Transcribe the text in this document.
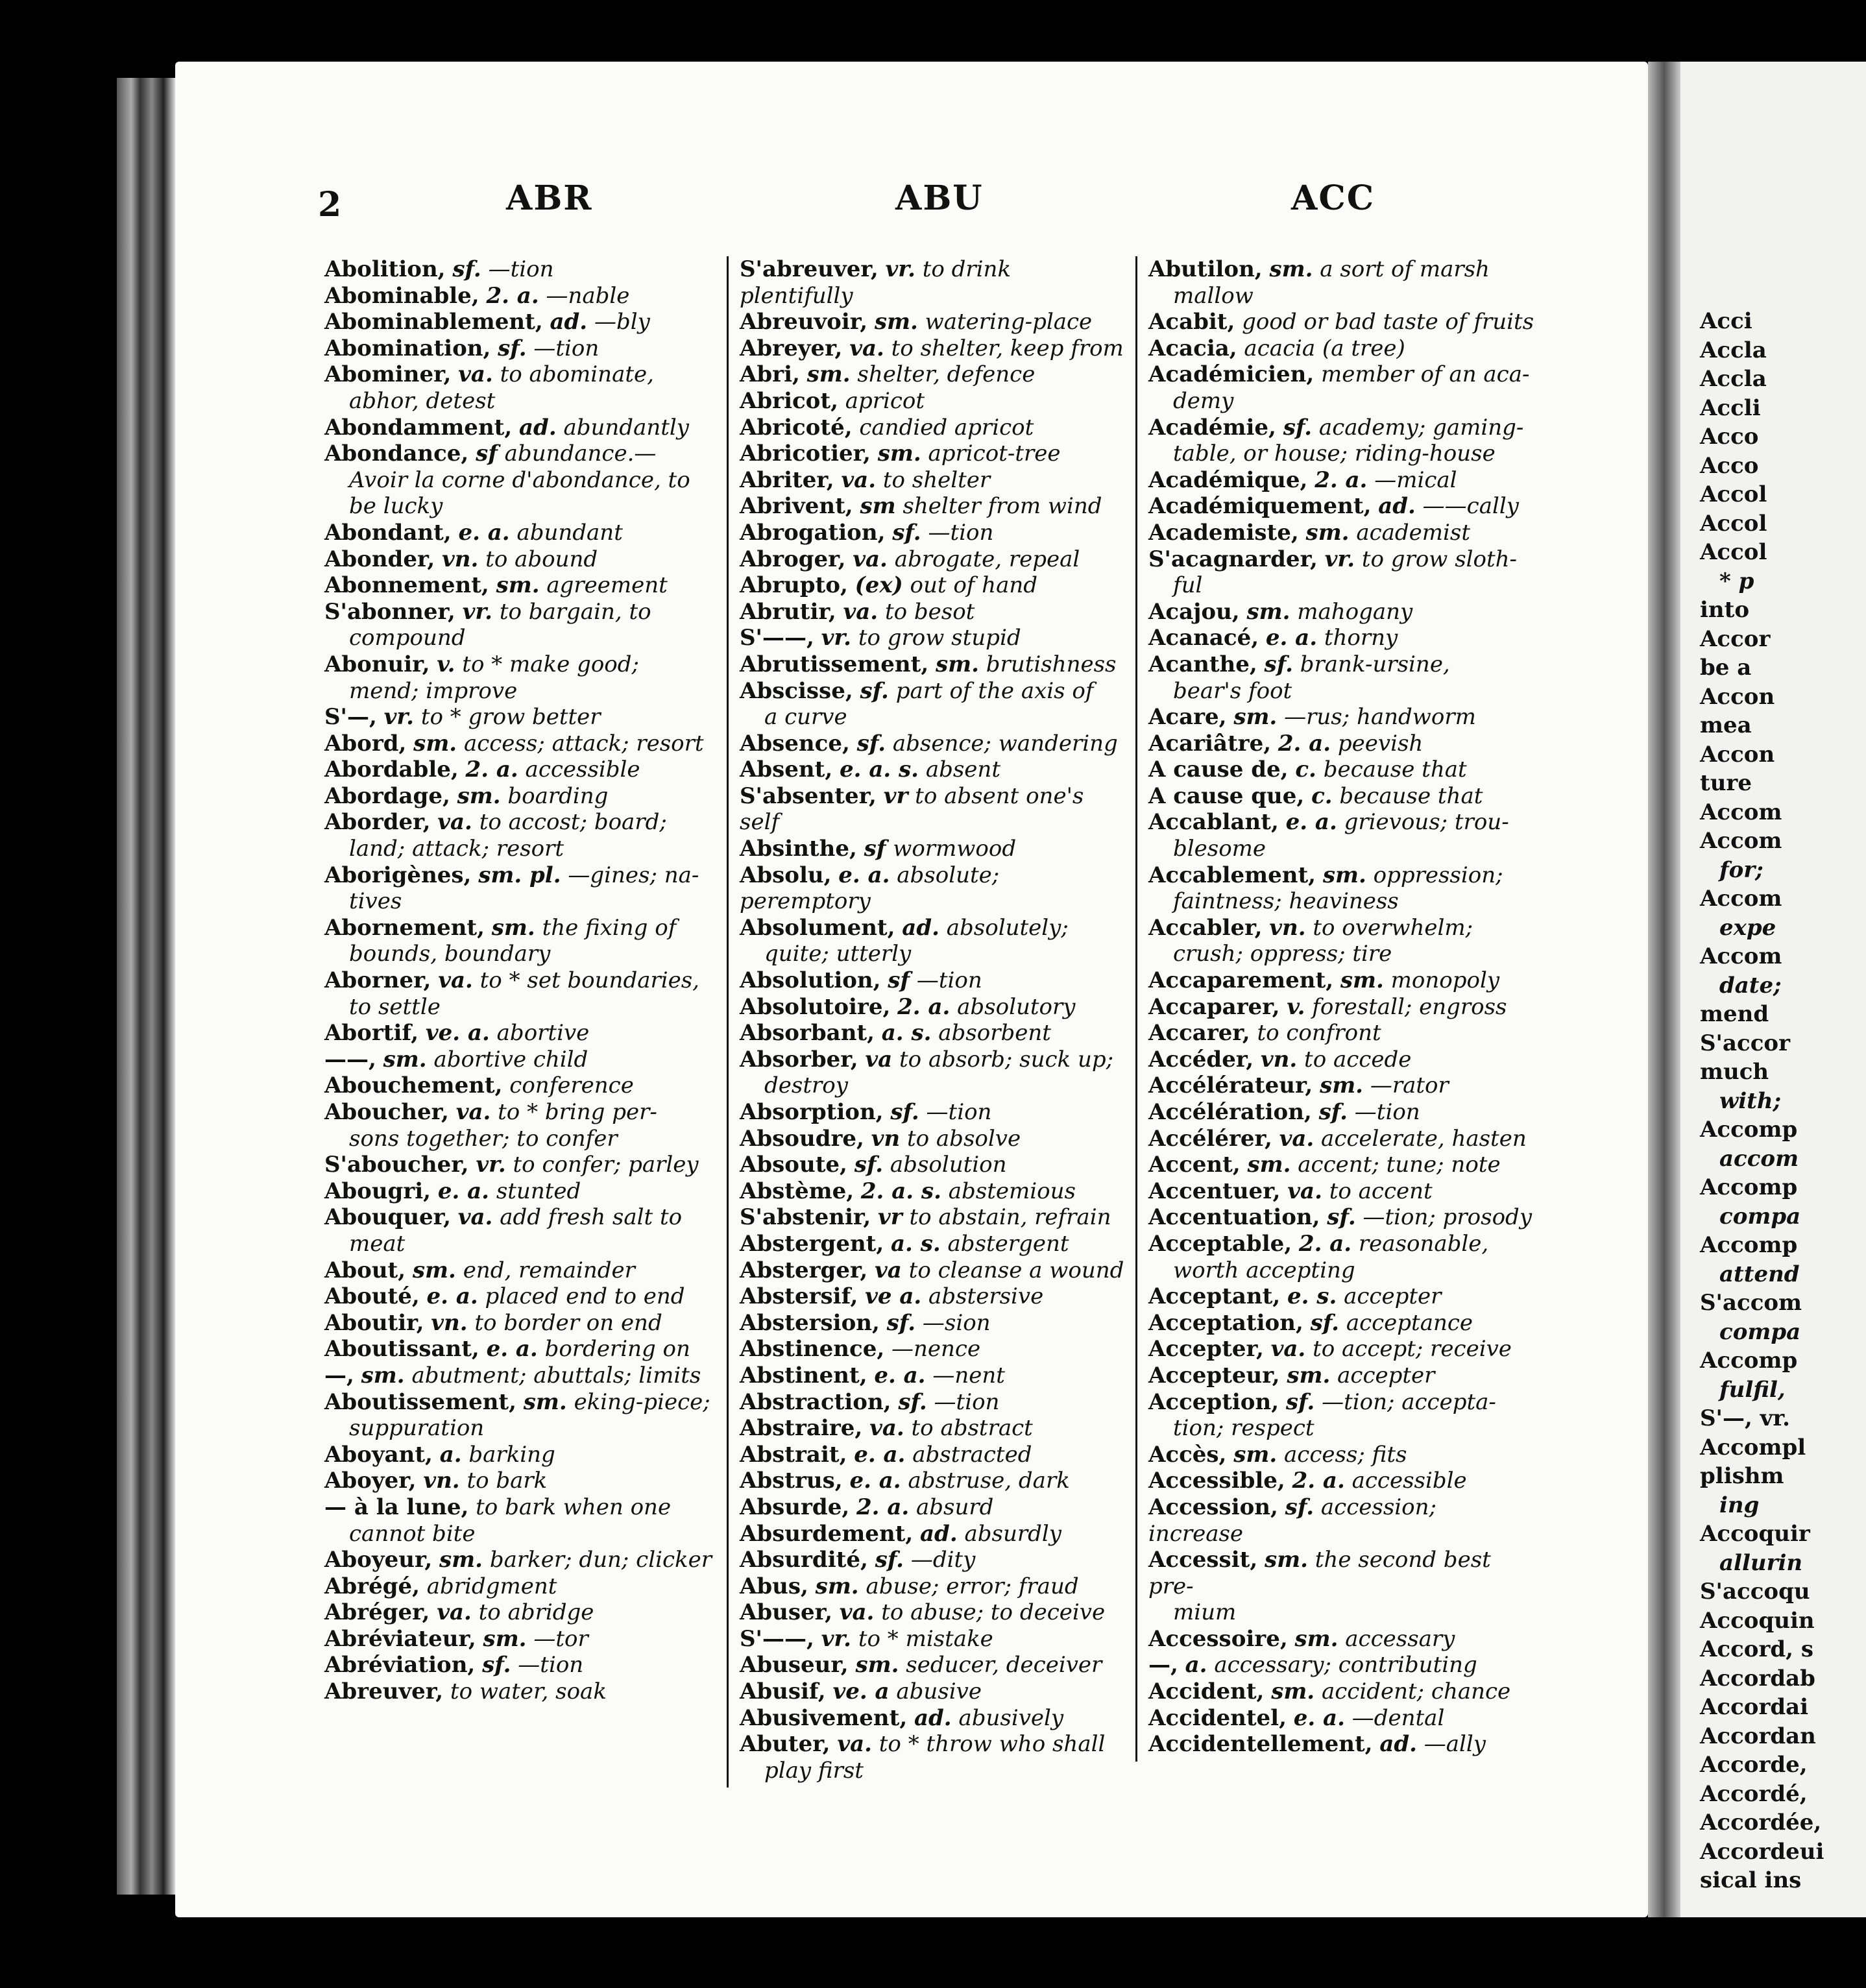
2	ABR	ABU	ACC
Abolition, sf. —tion
Abominable, 2. a. —nable
Abominablement, ad. —bly
Abomination, sf. —tion
Abominer, va. to abominate,
abhor, detest
Abondamment, ad. abundantly
Abondance, sf abundance.—
Avoir la corne d'abondance, to be lucky
Abondant, e. a. abundant
Abonder, vn. to abound
Abonnement, sm. agreement
S'abonner, vr. to bargain, to
compound
Abonuir, v. to * make good;
mend; improve
S'—, vr. to * grow better
Abord, sm. access; attack; resort
Abordable, 2. a. accessible
Abordage, sm. boarding
Aborder, va. to accost; board;
land; attack; resort
Aborigènes, sm. pl. —gines; na-
tives
Abornement, sm. the fixing of
bounds, boundary
Aborner, va. to * set boundaries,
to settle
Abortif, ve. a. abortive
——, sm. abortive child
Abouchement, conference
Aboucher, va. to * bring per-
sons together; to confer
S'aboucher, vr. to confer; parley
Abougri, e. a. stunted
Abouquer, va. add fresh salt to
meat
About, sm. end, remainder
Abouté, e. a. placed end to end
Aboutir, vn. to border on end
Aboutissant, e. a. bordering on
—, sm. abutment; abuttals; limits
Aboutissement, sm. eking-piece;
suppuration
Aboyant, a. barking
Aboyer, vn. to bark
— à la lune, to bark when one
cannot bite
Aboyeur, sm. barker; dun; clicker
Abrégé, abridgment
Abréger, va. to abridge
Abréviateur, sm. —tor
Abréviation, sf. —tion
Abreuver, to water, soak
S'abreuver, vr. to drink plentifully
Abreuvoir, sm. watering-place
Abreyer, va. to shelter, keep from
Abri, sm. shelter, defence
Abricot, apricot
Abricoté, candied apricot
Abricotier, sm. apricot-tree
Abriter, va. to shelter
Abrivent, sm shelter from wind
Abrogation, sf. —tion
Abroger, va. abrogate, repeal
Abrupto, (ex) out of hand
Abrutir, va. to besot
S'——, vr. to grow stupid
Abrutissement, sm. brutishness
Abscisse, sf. part of the axis of
a curve
Absence, sf. absence; wandering
Absent, e. a. s. absent
S'absenter, vr to absent one's self
Absinthe, sf wormwood
Absolu, e. a. absolute; peremptory
Absolument, ad. absolutely;
quite; utterly
Absolution, sf —tion
Absolutoire, 2. a. absolutory
Absorbant, a. s. absorbent
Absorber, va to absorb; suck up;
destroy
Absorption, sf. —tion
Absoudre, vn to absolve
Absoute, sf. absolution
Abstème, 2. a. s. abstemious
S'abstenir, vr to abstain, refrain
Abstergent, a. s. abstergent
Absterger, va to cleanse a wound
Abstersif, ve a. abstersive
Abstersion, sf. —sion
Abstinence, —nence
Abstinent, e. a. —nent
Abstraction, sf. —tion
Abstraire, va. to abstract
Abstrait, e. a. abstracted
Abstrus, e. a. abstruse, dark
Absurde, 2. a. absurd
Absurdement, ad. absurdly
Absurdité, sf. —dity
Abus, sm. abuse; error; fraud
Abuser, va. to abuse; to deceive
S'——, vr. to * mistake
Abuseur, sm. seducer, deceiver
Abusif, ve. a abusive
Abusivement, ad. abusively
Abuter, va. to * throw who shall
play first
Abutilon, sm. a sort of marsh
mallow
Acabit, good or bad taste of fruits
Acacia, acacia (a tree)
Académicien, member of an aca-
demy
Académie, sf. academy; gaming-
table, or house; riding-house
Académique, 2. a. —mical
Académiquement, ad. ——cally
Academiste, sm. academist
S'acagnarder, vr. to grow sloth-
ful
Acajou, sm. mahogany
Acanacé, e. a. thorny
Acanthe, sf. brank-ursine,
bear's foot
Acare, sm. —rus; handworm
Acariâtre, 2. a. peevish
A cause de, c. because that
A cause que, c. because that
Accablant, e. a. grievous; trou-
blesome
Accablement, sm. oppression;
faintness; heaviness
Accabler, vn. to overwhelm;
crush; oppress; tire
Accaparement, sm. monopoly
Accaparer, v. forestall; engross
Accarer, to confront
Accéder, vn. to accede
Accélérateur, sm. —rator
Accélération, sf. —tion
Accélérer, va. accelerate, hasten
Accent, sm. accent; tune; note
Accentuer, va. to accent
Accentuation, sf. —tion; prosody
Acceptable, 2. a. reasonable,
worth accepting
Acceptant, e. s. accepter
Acceptation, sf. acceptance
Accepter, va. to accept; receive
Accepteur, sm. accepter
Acception, sf. —tion; accepta-
tion; respect
Accès, sm. access; fits
Accessible, 2. a. accessible
Accession, sf. accession; increase
Accessit, sm. the second best pre-
mium
Accessoire, sm. accessary
—, a. accessary; contributing
Accident, sm. accident; chance
Accidentel, e. a. —dental
Accidentellement, ad. —ally
Acci
Accla
Accla
Accli
Acco
Acco
Accol
Accol
Accol
* p
into
Accor
be a
Accon
mea
Accon
ture
Accom
Accom
for;
Accom
expe
Accom
date;
mend
S'accor
much
with;
Accomp
accom
Accomp
compa
Accomp
attend
S'accom
compa
Accomp
fulfil,
S'—, vr.
Accompl
plishm
ing
Accoquir
allurin
S'accoqu
Accoquin
Accord, s
Accordab
Accordai
Accordan
Accorde,
Accordé,
Accordée,
Accordeui
sical ins
